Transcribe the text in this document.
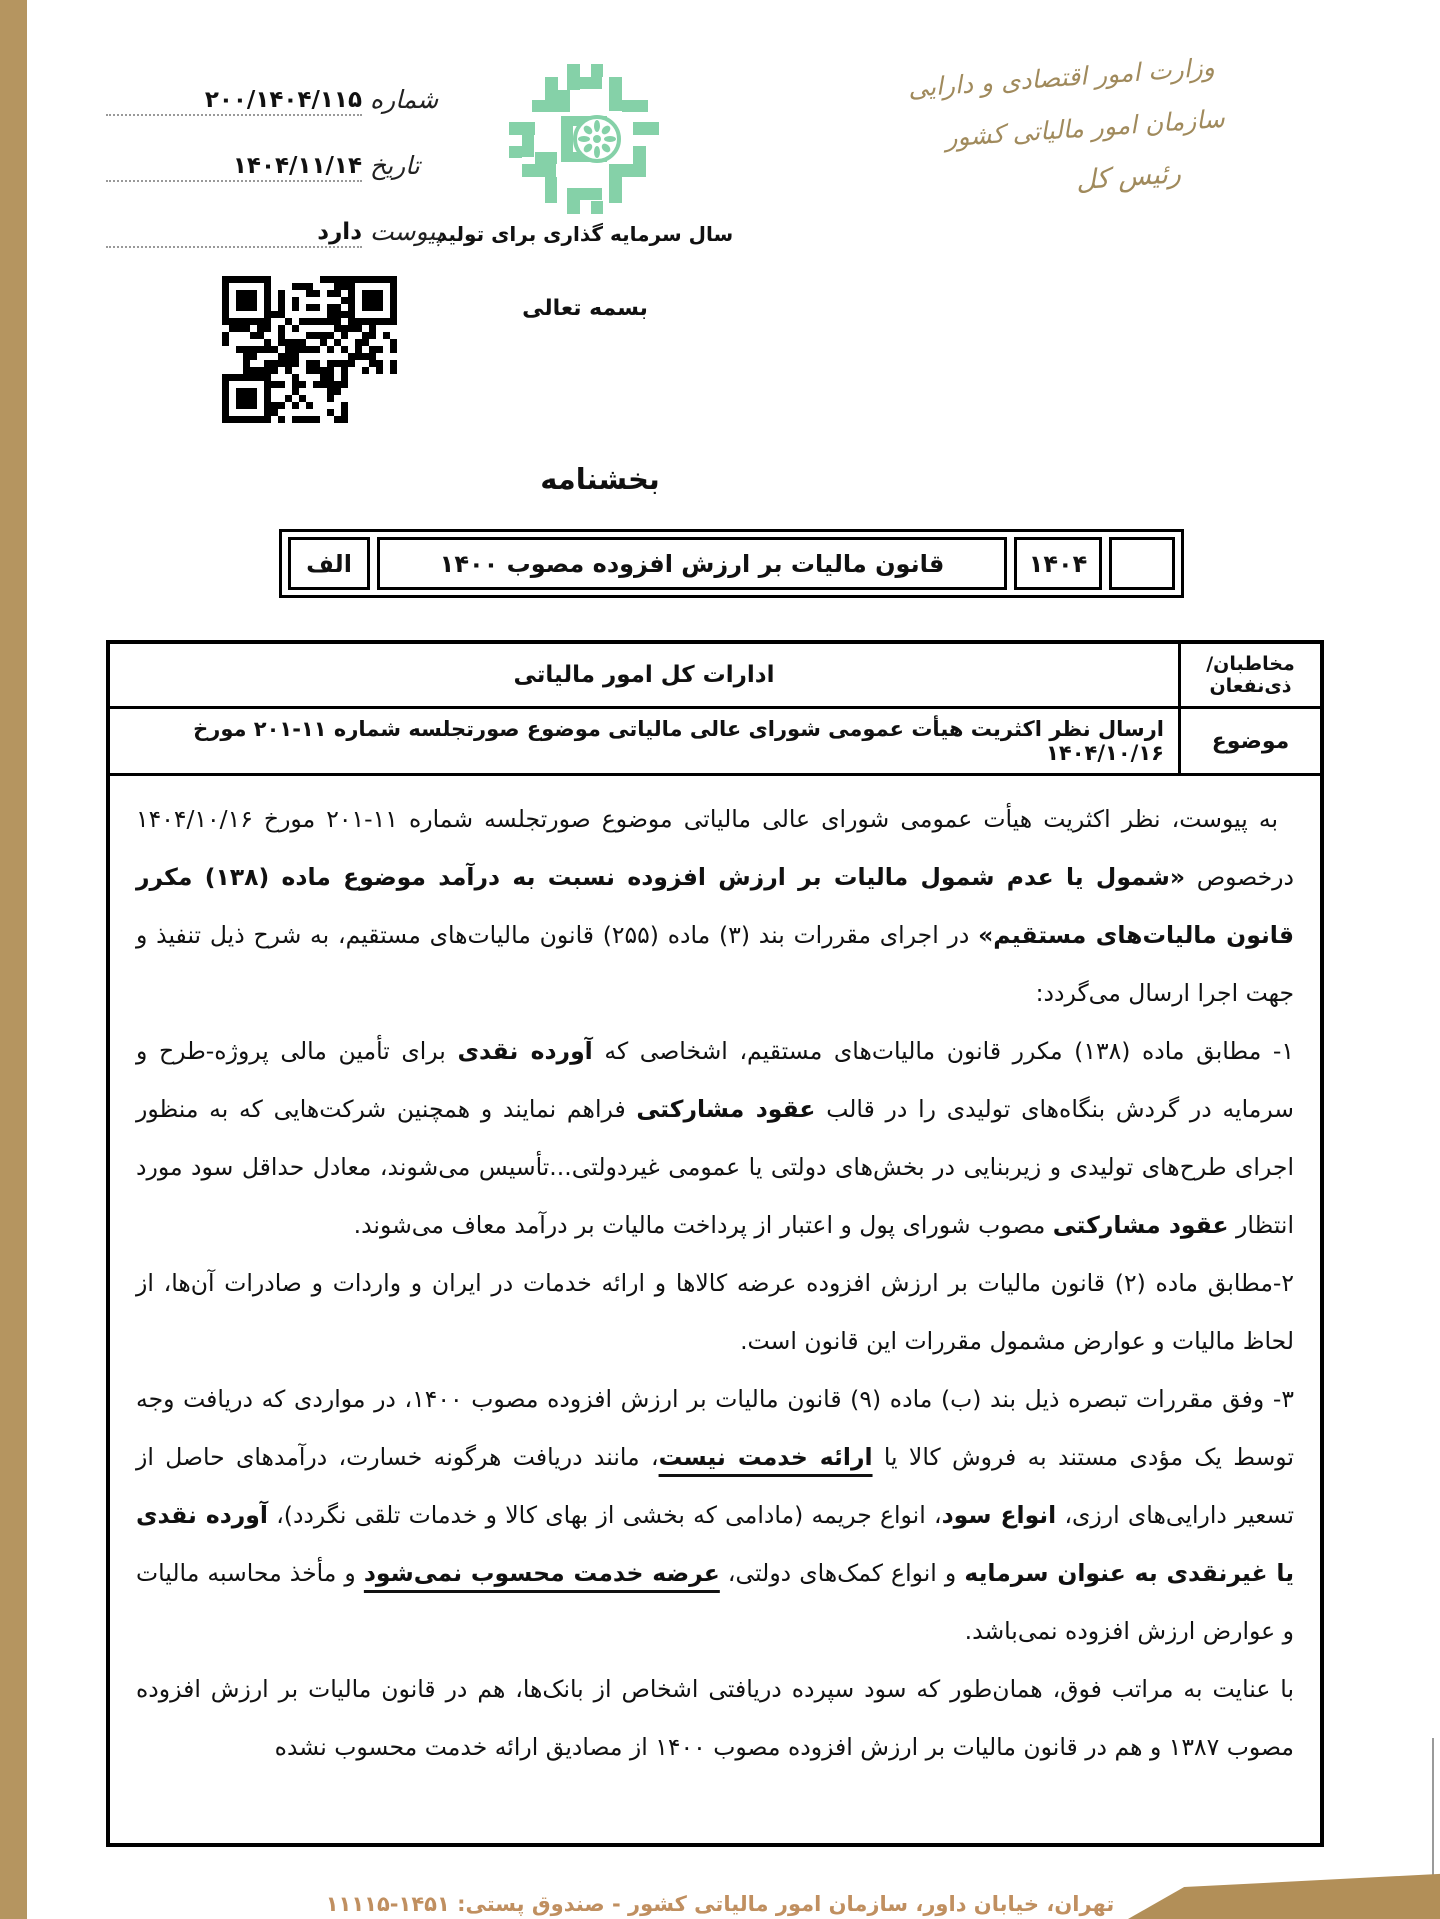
وزارت امور اقتصادی و دارایی
سازمان امور مالیاتی کشور
رئیس کل
شماره
۲۰۰/۱۴۰۴/۱۱۵
تاریخ
۱۴۰۴/۱۱/۱۴
پیوست
دارد	سال سرمایه گذاری برای تولید
بسمه تعالی
بخشنامه
۱۴۰۴
قانون مالیات بر ارزش افزوده مصوب ۱۴۰۰
الف
مخاطبان/ذی‌نفعان
ادارات کل امور مالیاتی
موضوع
ارسال نظر اکثریت هیأت عمومی شورای عالی مالیاتی موضوع صورتجلسه شماره ۱۱-۲۰۱ مورخ ۱۴۰۴/۱۰/۱۶

به پیوست، نظر اکثریت هیأت عمومی شورای عالی مالیاتی موضوع صورتجلسه شماره ۱۱-۲۰۱ مورخ ۱۴۰۴/۱۰/۱۶ درخصوص «شمول یا عدم شمول مالیات بر ارزش افزوده نسبت به درآمد موضوع ماده (۱۳۸) مکرر قانون مالیات‌های مستقیم» در اجرای مقررات بند (۳) ماده (۲۵۵) قانون مالیات‌های مستقیم، به شرح ذیل تنفیذ و جهت اجرا ارسال می‌گردد:

۱- مطابق ماده (۱۳۸) مکرر قانون مالیات‌های مستقیم، اشخاصی که آورده نقدی برای تأمین مالی پروژه-طرح و سرمایه در گردش بنگاه‌های تولیدی را در قالب عقود مشارکتی فراهم نمایند و همچنین شرکت‌هایی که به منظور اجرای طرح‌های تولیدی و زیربنایی در بخش‌های دولتی یا عمومی غیردولتی...تأسیس می‌شوند، معادل حداقل سود مورد انتظار عقود مشارکتی مصوب شورای پول و اعتبار از پرداخت مالیات بر درآمد معاف می‌شوند.

۲-مطابق ماده (۲) قانون مالیات بر ارزش افزوده عرضه کالاها و ارائه خدمات در ایران و واردات و صادرات آن‌ها، از لحاظ مالیات و عوارض مشمول مقررات این قانون است.

۳- وفق مقررات تبصره ذیل بند (ب) ماده (۹) قانون مالیات بر ارزش افزوده مصوب ۱۴۰۰، در مواردی که دریافت وجه توسط یک مؤدی مستند به فروش کالا یا ارائه خدمت نیست، مانند دریافت هرگونه خسارت، درآمدهای حاصل از تسعیر دارایی‌های ارزی، انواع سود، انواع جریمه (مادامی که بخشی از بهای کالا و خدمات تلقی نگردد)، آورده نقدی یا غیرنقدی به عنوان سرمایه و انواع کمک‌های دولتی، عرضه خدمت محسوب نمی‌شود و مأخذ محاسبه مالیات و عوارض ارزش افزوده نمی‌باشد.

با عنایت به مراتب فوق، همان‌طور که سود سپرده دریافتی اشخاص از بانک‌ها، هم در قانون مالیات بر ارزش افزوده مصوب ۱۳۸۷ و هم در قانون مالیات بر ارزش افزوده مصوب ۱۴۰۰ از مصادیق ارائه خدمت محسوب نشده

تهران، خیابان داور، سازمان امور مالیاتی کشور - صندوق پستی: ۱۴۵۱-۱۱۱۱۵
